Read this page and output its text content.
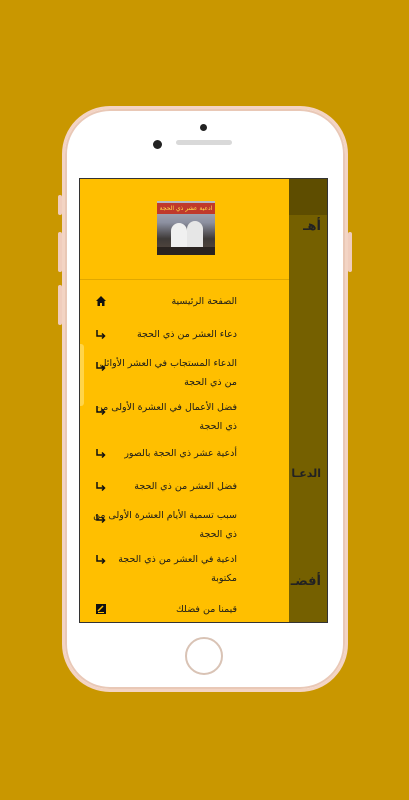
أهـ
الدعـا
أفضـ
ادعية عشر ذي الحجة
الصفحة الرئيسية
دعاء العشر من ذي الحجة
الدعاء المستجاب في العشر الأوائل من ذي الحجة
فضل الأعمال في العشرة الأولى من ذي الحجة
أدعية عشر ذي الحجة بالصور
فضل العشر من ذي الحجة
سبب تسمية الأيام العشرة الأولى من ذي الحجة
ادعية في العشر من ذي الحجة مكتوبة
قيمنا من فضلك
